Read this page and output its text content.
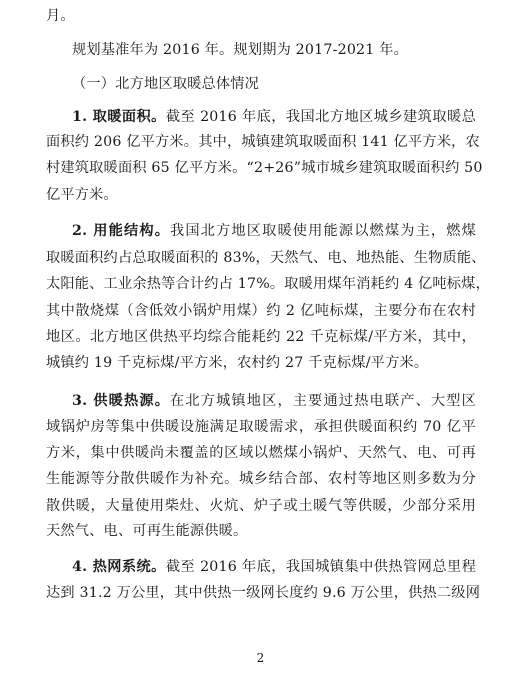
月。
规划基准年为 2016 年。规划期为 2017-2021 年。
（一）北方地区取暖总体情况
1. 取暖面积。截至 2016 年底，我国北方地区城乡建筑取暖总
面积约 206 亿平方米。其中，城镇建筑取暖面积 141 亿平方米，农
村建筑取暖面积 65 亿平方米。“2+26”城市城乡建筑取暖面积约 50
亿平方米。
2. 用能结构。我国北方地区取暖使用能源以燃煤为主，燃煤
取暖面积约占总取暖面积的 83%，天然气、电、地热能、生物质能、
太阳能、工业余热等合计约占 17%。取暖用煤年消耗约 4 亿吨标煤，
其中散烧煤（含低效小锅炉用煤）约 2 亿吨标煤，主要分布在农村
地区。北方地区供热平均综合能耗约 22 千克标煤/平方米，其中，
城镇约 19 千克标煤/平方米，农村约 27 千克标煤/平方米。
3. 供暖热源。在北方城镇地区，主要通过热电联产、大型区
域锅炉房等集中供暖设施满足取暖需求，承担供暖面积约 70 亿平
方米，集中供暖尚未覆盖的区域以燃煤小锅炉、天然气、电、可再
生能源等分散供暖作为补充。城乡结合部、农村等地区则多数为分
散供暖，大量使用柴灶、火炕、炉子或土暖气等供暖，少部分采用
天然气、电、可再生能源供暖。
4. 热网系统。截至 2016 年底，我国城镇集中供热管网总里程
达到 31.2 万公里，其中供热一级网长度约 9.6 万公里，供热二级网
2
